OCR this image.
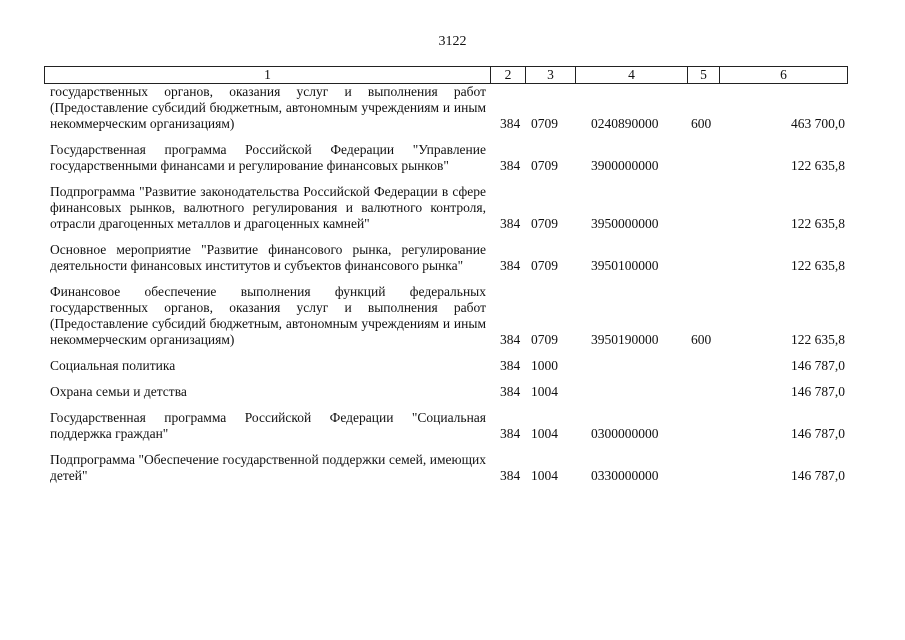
3122
1	2	3	4	5	6
государственных органов, оказания услуг и выполнения работ (Предоставление субсидий бюджетным, автономным учреждениям и иным некоммерческим организациям)	384	0709	0240890000	600	463 700,0

Государственная программа Российской Федерации "Управление государственными финансами и регулирование финансовых рынков"	384	0709	3900000000		122 635,8

Подпрограмма "Развитие законодательства Российской Федерации в сфере финансовых рынков, валютного регулирования и валютного контроля, отрасли драгоценных металлов и драгоценных камней"	384	0709	3950000000		122 635,8

Основное мероприятие "Развитие финансового рынка, регулирование деятельности финансовых институтов и субъектов финансового рынка"	384	0709	3950100000		122 635,8

Финансовое обеспечение выполнения функций федеральных государственных органов, оказания услуг и выполнения работ (Предоставление субсидий бюджетным, автономным учреждениям и иным некоммерческим организациям)	384	0709	3950190000	600	122 635,8

Социальная политика	384	1000			146 787,0

Охрана семьи и детства	384	1004			146 787,0

Государственная программа Российской Федерации "Социальная поддержка граждан"	384	1004	0300000000		146 787,0

Подпрограмма "Обеспечение государственной поддержки семей, имеющих детей"	384	1004	0330000000		146 787,0
